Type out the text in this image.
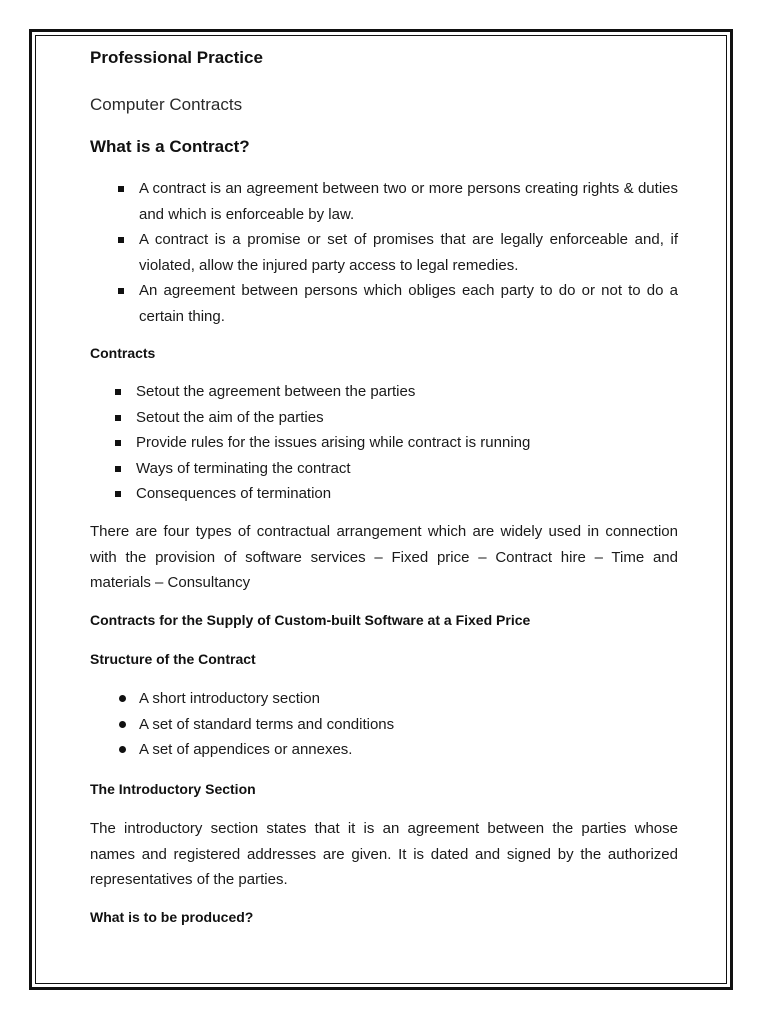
Professional Practice
Computer Contracts
What is a Contract?
A contract is an agreement between two or more persons creating rights & duties and which is enforceable by law.
A contract is a promise or set of promises that are legally enforceable and, if violated, allow the injured party access to legal remedies.
An agreement between persons which obliges each party to do or not to do a certain thing.
Contracts
Setout the agreement between the parties
Setout the aim of the parties
Provide rules for the issues arising while contract is running
Ways of terminating the contract
Consequences of termination

There are four types of contractual arrangement which are widely used in connection with the provision of software services – Fixed price – Contract hire – Time and materials – Consultancy

Contracts for the Supply of Custom-built Software at a Fixed Price
Structure of the Contract
A short introductory section
A set of standard terms and conditions
A set of appendices or annexes.
The Introductory Section

The introductory section states that it is an agreement between the parties whose names and registered addresses are given. It is dated and signed by the authorized representatives of the parties.

What is to be produced?
